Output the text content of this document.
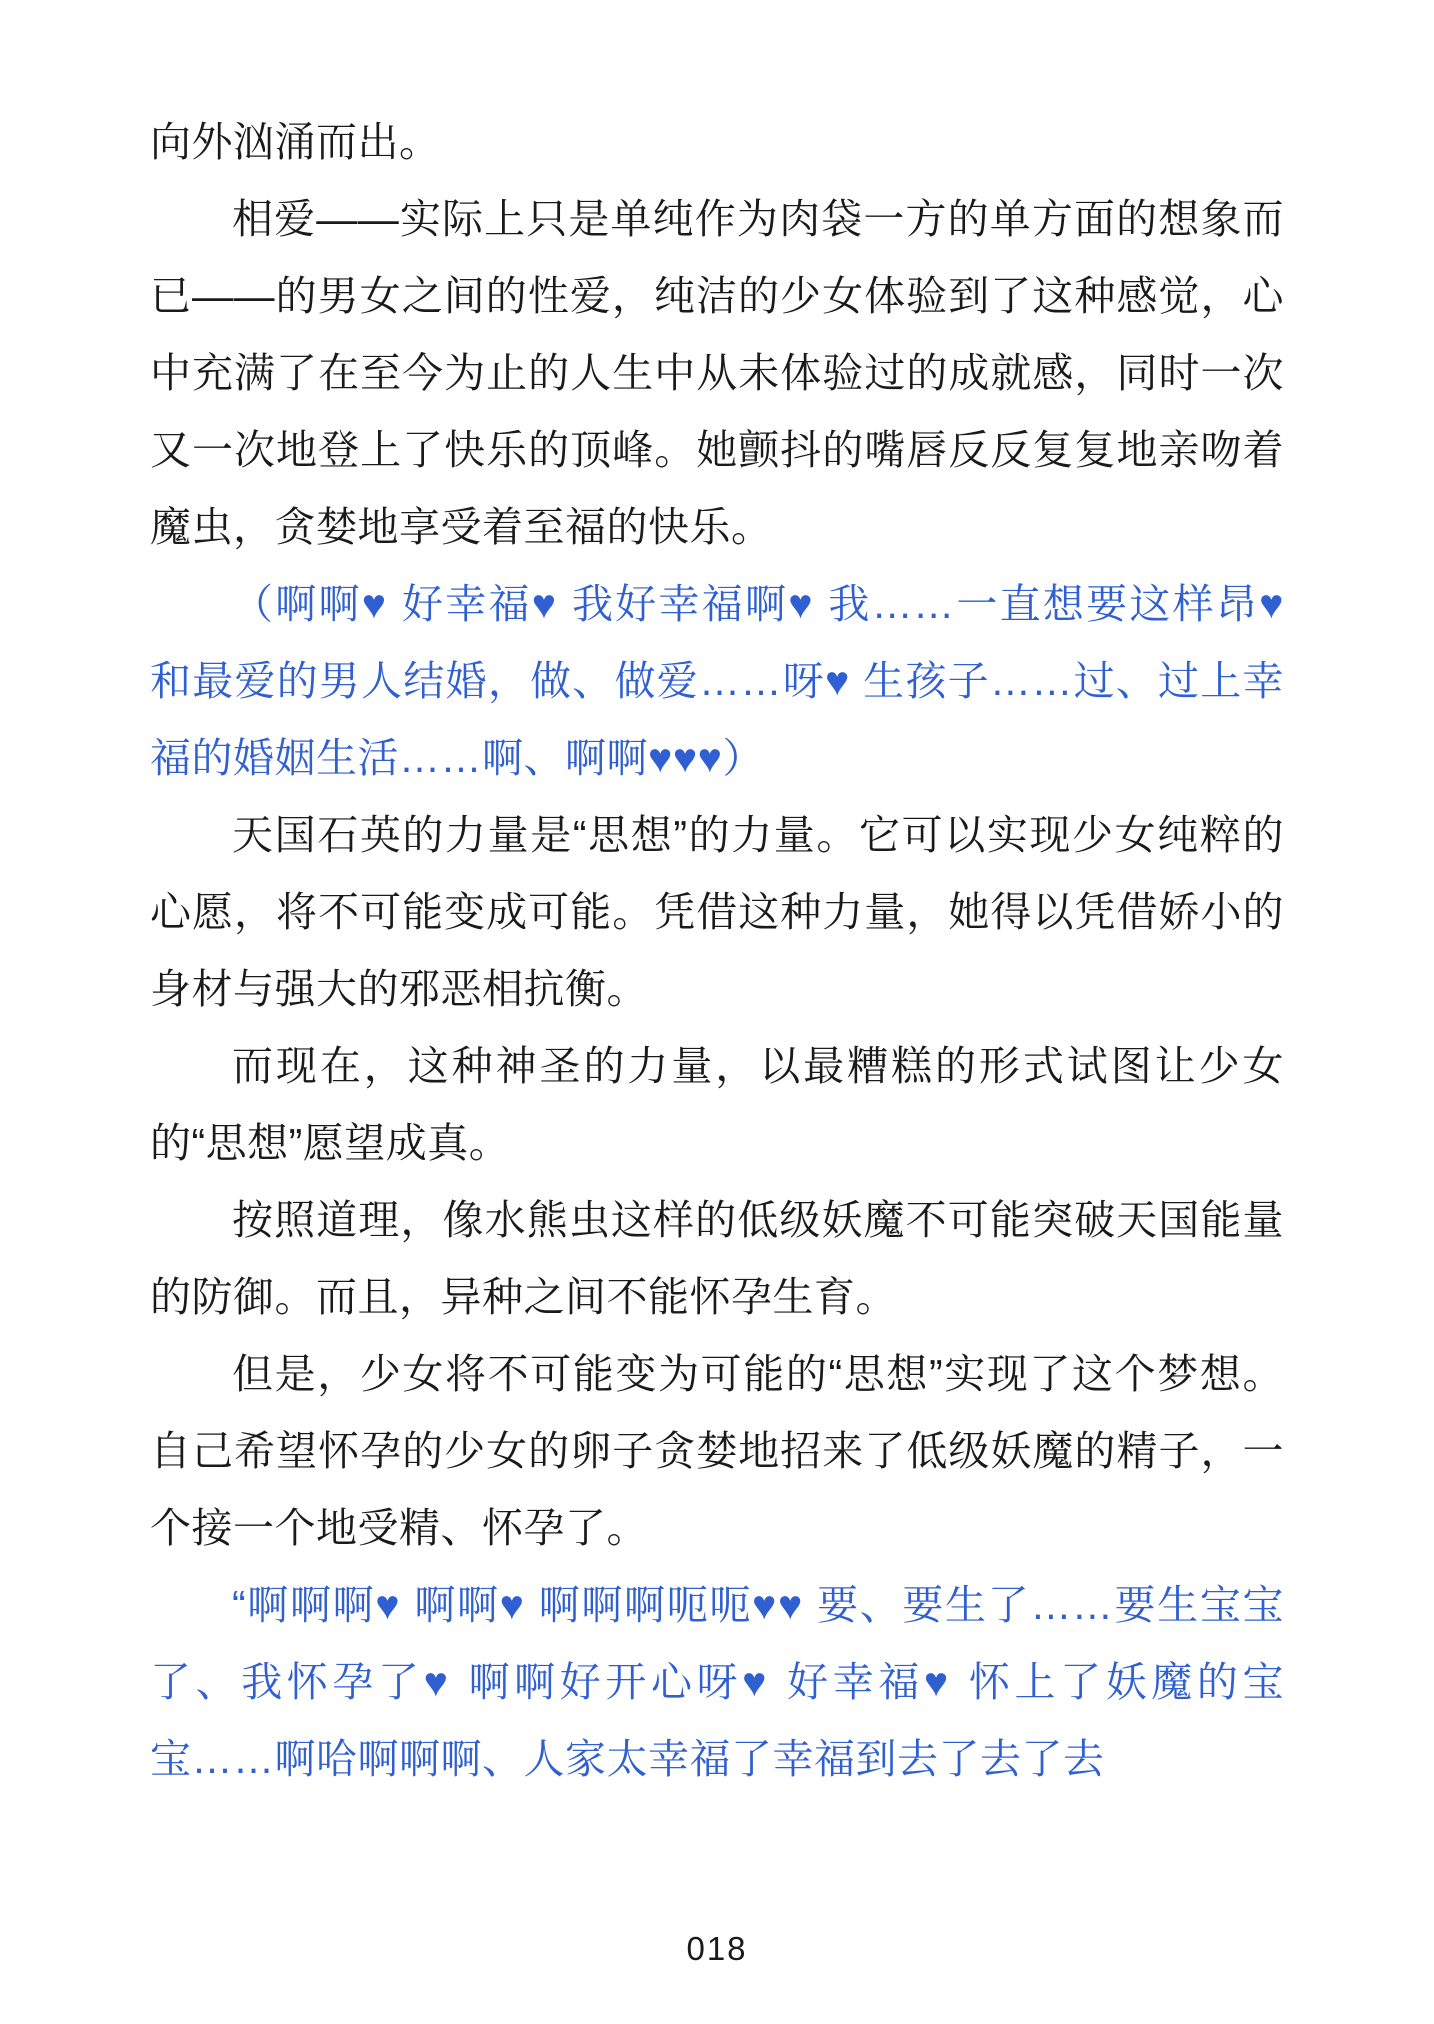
向外汹涌而出。

相爱——实际上只是单纯作为肉袋一方的单方面的想象而已——的男女之间的性爱，纯洁的少女体验到了这种感觉，心中充满了在至今为止的人生中从未体验过的成就感，同时一次又一次地登上了快乐的顶峰。她颤抖的嘴唇反反复复地亲吻着魔虫，贪婪地享受着至福的快乐。

（啊啊♥ 好幸福♥ 我好幸福啊♥ 我……一直想要这样昂♥ 和最爱的男人结婚，做、做爱……呀♥ 生孩子……过、过上幸福的婚姻生活……啊、啊啊♥♥♥）

天国石英的力量是“思想”的力量。它可以实现少女纯粹的心愿，将不可能变成可能。凭借这种力量，她得以凭借娇小的身材与强大的邪恶相抗衡。

而现在，这种神圣的力量，以最糟糕的形式试图让少女的“思想”愿望成真。

按照道理，像水熊虫这样的低级妖魔不可能突破天国能量的防御。而且，异种之间不能怀孕生育。

但是，少女将不可能变为可能的“思想”实现了这个梦想。自己希望怀孕的少女的卵子贪婪地招来了低级妖魔的精子，一个接一个地受精、怀孕了。

“啊啊啊♥ 啊啊♥ 啊啊啊呃呃♥♥ 要、要生了……要生宝宝了、我怀孕了♥ 啊啊好开心呀♥ 好幸福♥ 怀上了妖魔的宝宝……啊哈啊啊啊、人家太幸福了幸福到去了去了去

018
